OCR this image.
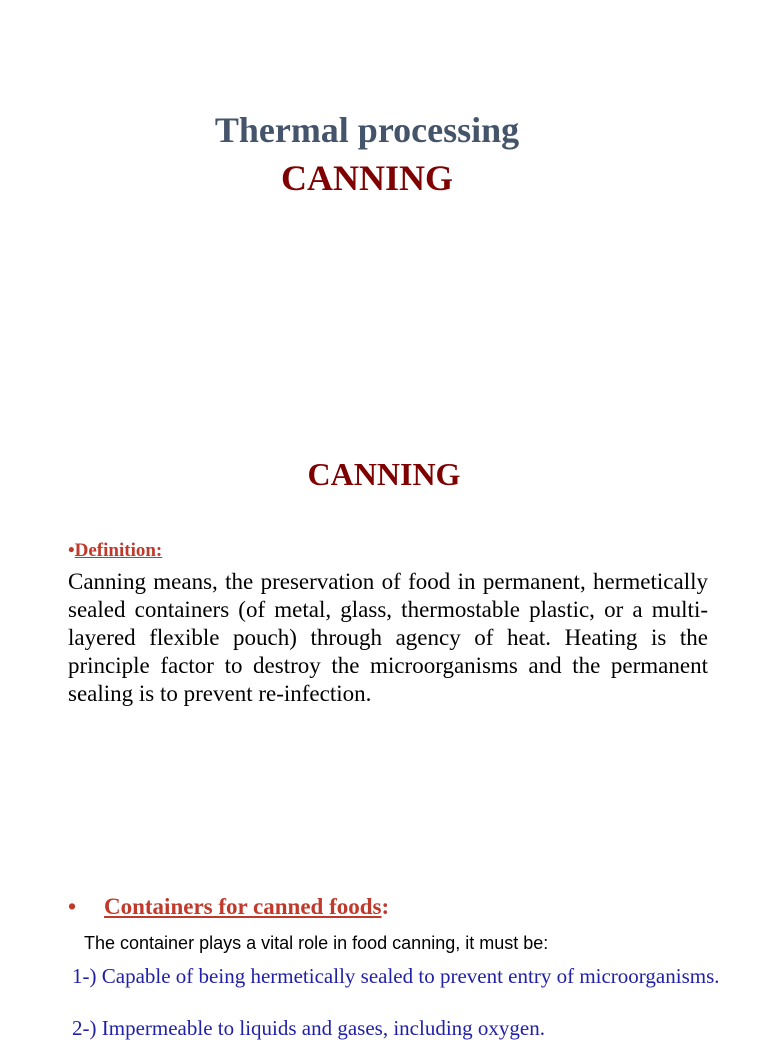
Thermal processing
CANNING
CANNING
•Definition:
Canning means, the preservation of food in permanent, hermetically sealed containers (of metal, glass, thermostable plastic, or a multi-layered flexible pouch) through agency of heat. Heating is the principle factor to destroy the microorganisms and the permanent sealing is to prevent re-infection.
• Containers for canned foods:
The container plays a vital role in food canning, it must be:
1-) Capable of being hermetically sealed to prevent entry of microorganisms.
2-) Impermeable to liquids and gases, including oxygen.
